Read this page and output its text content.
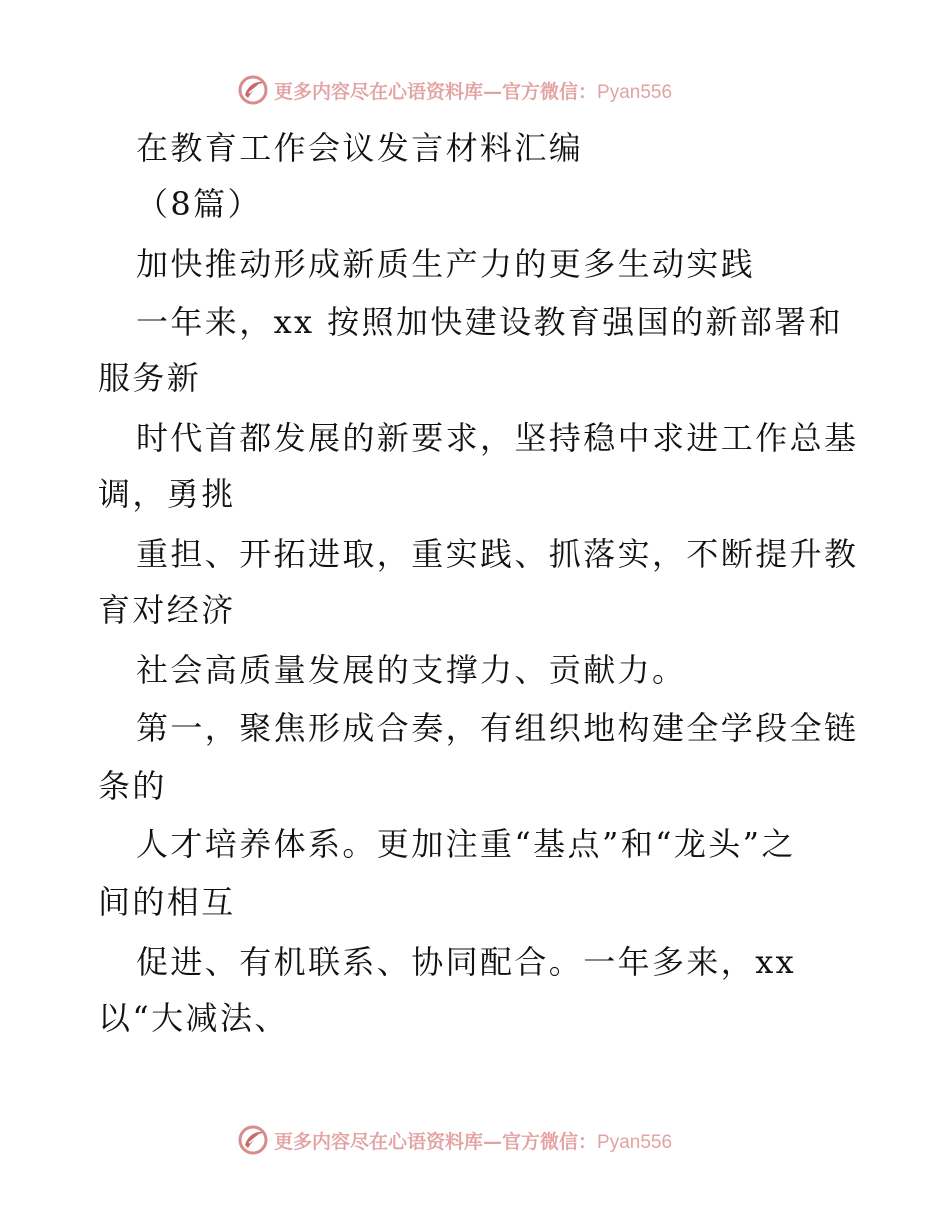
更多内容尽在心语资料库—官方微信：Pyan556
在教育工作会议发言材料汇编
（8篇）
加快推动形成新质生产力的更多生动实践
一年来，xx 按照加快建设教育强国的新部署和
服务新
时代首都发展的新要求，坚持稳中求进工作总基
调，勇挑
重担、开拓进取，重实践、抓落实，不断提升教
育对经济
社会高质量发展的支撑力、贡献力。
第一，聚焦形成合奏，有组织地构建全学段全链
条的
人才培养体系。更加注重“基点”和“龙头”之
间的相互
促进、有机联系、协同配合。一年多来，xx
以“大减法、
更多内容尽在心语资料库—官方微信：Pyan556
